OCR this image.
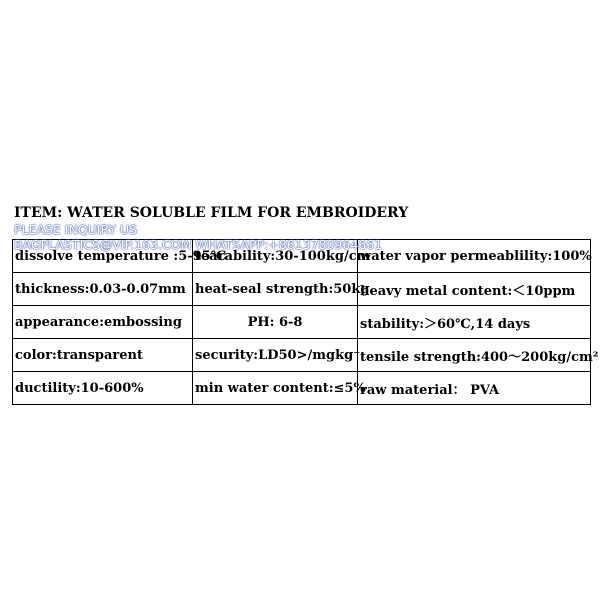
ITEM: WATER SOLUBLE FILM FOR EMBROIDERY
PLEASE INQUIRY US
dissolve temperature :5-95℃	tearability:30-100kg/cm	water vapor permeablility:100%
thickness:0.03-0.07mm	heat-seal strength:50kg	heavy metal content:＜10ppm
appearance:embossing	PH: 6-8	stability:＞60℃,14 days
color:transparent	security:LD50>/mgkg⁻	tensile strength:400～200kg/cm²
ductility:10-600%	min water content:≤5%	raw material： PVA
BAGPLASTICS@VIP.163.COM WHATSAPP:+8613780964661
